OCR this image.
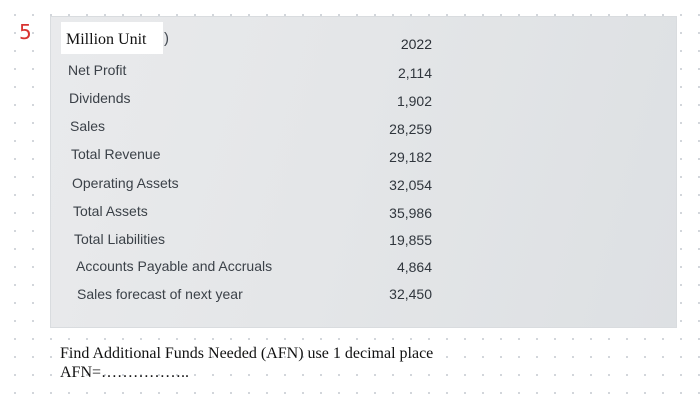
5	Million Unit	)	2022
Net Profit	2,114
Dividends	1,902
Sales	28,259
Total Revenue	29,182
Operating Assets	32,054
Total Assets	35,986
Total Liabilities	19,855
Accounts Payable and Accruals	4,864
Sales forecast of next year	32,450
Find Additional Funds Needed (AFN) use 1 decimal place
AFN=……………..
